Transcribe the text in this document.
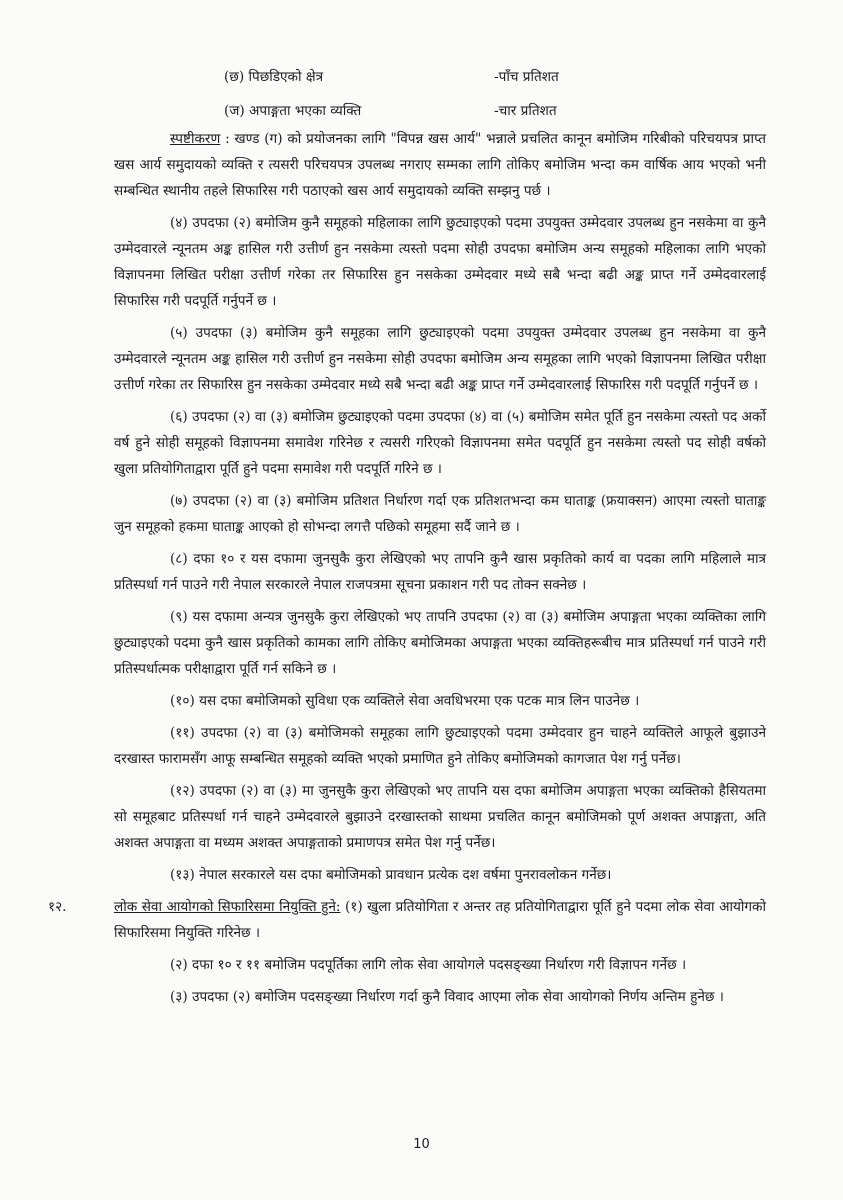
(छ) पिछडिएको क्षेत्र	-पाँच प्रतिशत
(ज) अपाङ्गता भएका व्यक्ति	-चार प्रतिशत

स्पष्टीकरण : खण्ड (ग) को प्रयोजनका लागि "विपन्न खस आर्य" भन्नाले प्रचलित कानून बमोजिम गरिबीको परिचयपत्र प्राप्त खस आर्य समुदायको व्यक्ति र त्यसरी परिचयपत्र उपलब्ध नगराए सम्मका लागि तोकिए बमोजिम भन्दा कम वार्षिक आय भएको भनी सम्बन्धित स्थानीय तहले सिफारिस गरी पठाएको खस आर्य समुदायको व्यक्ति सम्झनु पर्छ ।

(४) उपदफा (२) बमोजिम कुनै समूहको महिलाका लागि छुट्याइएको पदमा उपयुक्त उम्मेदवार उपलब्ध हुन नसकेमा वा कुनै उम्मेदवारले न्यूनतम अङ्क हासिल गरी उत्तीर्ण हुन नसकेमा त्यस्तो पदमा सोही उपदफा बमोजिम अन्य समूहको महिलाका लागि भएको विज्ञापनमा लिखित परीक्षा उत्तीर्ण गरेका तर सिफारिस हुन नसकेका उम्मेदवार मध्ये सबै भन्दा बढी अङ्क प्राप्त गर्ने उम्मेदवारलाई सिफारिस गरी पदपूर्ति गर्नुपर्ने छ ।

(५) उपदफा (३) बमोजिम कुनै समूहका लागि छुट्याइएको पदमा उपयुक्त उम्मेदवार उपलब्ध हुन नसकेमा वा कुनै उम्मेदवारले न्यूनतम अङ्क हासिल गरी उत्तीर्ण हुन नसकेमा सोही उपदफा बमोजिम अन्य समूहका लागि भएको विज्ञापनमा लिखित परीक्षा उत्तीर्ण गरेका तर सिफारिस हुन नसकेका उम्मेदवार मध्ये सबै भन्दा बढी अङ्क प्राप्त गर्ने उम्मेदवारलाई सिफारिस गरी पदपूर्ति गर्नुपर्ने छ ।

(६) उपदफा (२) वा (३) बमोजिम छुट्याइएको पदमा उपदफा (४) वा (५) बमोजिम समेत पूर्ति हुन नसकेमा त्यस्तो पद अर्को वर्ष हुने सोही समूहको विज्ञापनमा समावेश गरिनेछ र त्यसरी गरिएको विज्ञापनमा समेत पदपूर्ति हुन नसकेमा त्यस्तो पद सोही वर्षको खुला प्रतियोगिताद्वारा पूर्ति हुने पदमा समावेश गरी पदपूर्ति गरिने छ ।

(७) उपदफा (२) वा (३) बमोजिम प्रतिशत निर्धारण गर्दा एक प्रतिशतभन्दा कम घाताङ्क (फ्रयाक्सन) आएमा त्यस्तो घाताङ्क जुन समूहको हकमा घाताङ्क आएको हो सोभन्दा लगत्तै पछिको समूहमा सर्दै जाने छ ।

(८) दफा १० र यस दफामा जुनसुकै कुरा लेखिएको भए तापनि कुनै खास प्रकृतिको कार्य वा पदका लागि महिलाले मात्र प्रतिस्पर्धा गर्न पाउने गरी नेपाल सरकारले नेपाल राजपत्रमा सूचना प्रकाशन गरी पद तोक्न सक्नेछ ।

(९) यस दफामा अन्यत्र जुनसुकै कुरा लेखिएको भए तापनि उपदफा (२) वा (३) बमोजिम अपाङ्गता भएका व्यक्तिका लागि छुट्याइएको पदमा कुनै खास प्रकृतिको कामका लागि तोकिए बमोजिमका अपाङ्गता भएका व्यक्तिहरूबीच मात्र प्रतिस्पर्धा गर्न पाउने गरी प्रतिस्पर्धात्मक परीक्षाद्वारा पूर्ति गर्न सकिने छ ।

(१०) यस दफा बमोजिमको सुविधा एक व्यक्तिले सेवा अवधिभरमा एक पटक मात्र लिन पाउनेछ ।

(११) उपदफा (२) वा (३) बमोजिमको समूहका लागि छुट्याइएको पदमा उम्मेदवार हुन चाहने व्यक्तिले आफूले बुझाउने दरखास्त फारामसँग आफू सम्बन्धित समूहको व्यक्ति भएको प्रमाणित हुने तोकिए बमोजिमको कागजात पेश गर्नु पर्नेछ।

(१२) उपदफा (२) वा (३) मा जुनसुकै कुरा लेखिएको भए तापनि यस दफा बमोजिम अपाङ्गता भएका व्यक्तिको हैसियतमा सो समूहबाट प्रतिस्पर्धा गर्न चाहने उम्मेदवारले बुझाउने दरखास्तको साथमा प्रचलित कानून बमोजिमको पूर्ण अशक्त अपाङ्गता, अति अशक्त अपाङ्गता वा मध्यम अशक्त अपाङ्गताको प्रमाणपत्र समेत पेश गर्नु पर्नेछ।

(१३) नेपाल सरकारले यस दफा बमोजिमको प्रावधान प्रत्येक दश वर्षमा पुनरावलोकन गर्नेछ।

१२.	लोक सेवा आयोगको सिफारिसमा नियुक्ति हुने: (१) खुला प्रतियोगिता र अन्तर तह प्रतियोगिताद्वारा पूर्ति हुने पदमा लोक सेवा आयोगको सिफारिसमा नियुक्ति गरिनेछ ।

(२) दफा १० र ११ बमोजिम पदपूर्तिका लागि लोक सेवा आयोगले पदसङ्ख्या निर्धारण गरी विज्ञापन गर्नेछ ।

(३) उपदफा (२) बमोजिम पदसङ्ख्या निर्धारण गर्दा कुनै विवाद आएमा लोक सेवा आयोगको निर्णय अन्तिम हुनेछ ।

10
